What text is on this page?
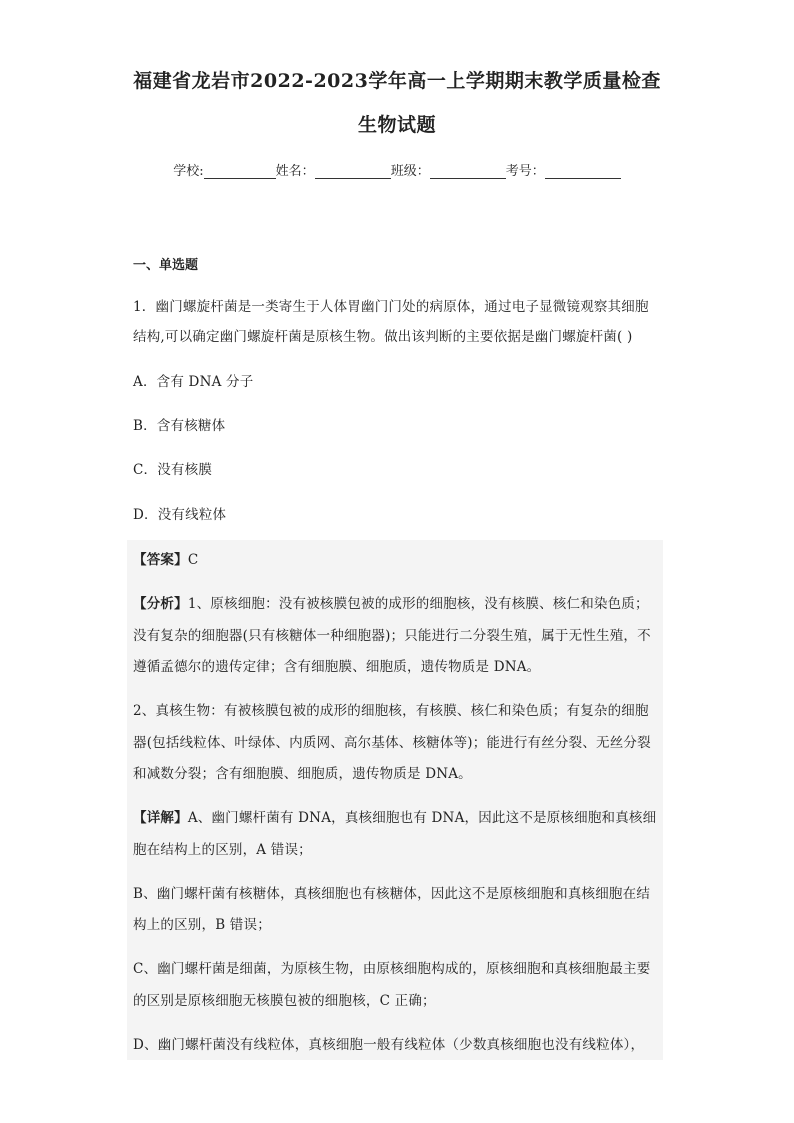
福建省龙岩市2022-2023学年高一上学期期末教学质量检查
生物试题
学校:	姓名：	班级：	考号：
一、单选题
1．幽门螺旋杆菌是一类寄生于人体胃幽门门处的病原体，通过电子显微镜观察其细胞
结构,可以确定幽门螺旋杆菌是原核生物。做出该判断的主要依据是幽门螺旋杆菌( )
A．含有 DNA 分子
B．含有核糖体
C．没有核膜
D．没有线粒体
【答案】C
【分析】1、原核细胞：没有被核膜包被的成形的细胞核，没有核膜、核仁和染色质；
没有复杂的细胞器(只有核糖体一种细胞器)；只能进行二分裂生殖，属于无性生殖，不
遵循孟德尔的遗传定律；含有细胞膜、细胞质，遗传物质是 DNA。
2、真核生物：有被核膜包被的成形的细胞核，有核膜、核仁和染色质；有复杂的细胞
器(包括线粒体、叶绿体、内质网、高尔基体、核糖体等)；能进行有丝分裂、无丝分裂
和减数分裂；含有细胞膜、细胞质，遗传物质是 DNA。
【详解】A、幽门螺杆菌有 DNA，真核细胞也有 DNA，因此这不是原核细胞和真核细
胞在结构上的区别，A 错误；
B、幽门螺杆菌有核糖体，真核细胞也有核糖体，因此这不是原核细胞和真核细胞在结
构上的区别，B 错误；
C、幽门螺杆菌是细菌，为原核生物，由原核细胞构成的，原核细胞和真核细胞最主要
的区别是原核细胞无核膜包被的细胞核，C 正确；
D、幽门螺杆菌没有线粒体，真核细胞一般有线粒体（少数真核细胞也没有线粒体），
